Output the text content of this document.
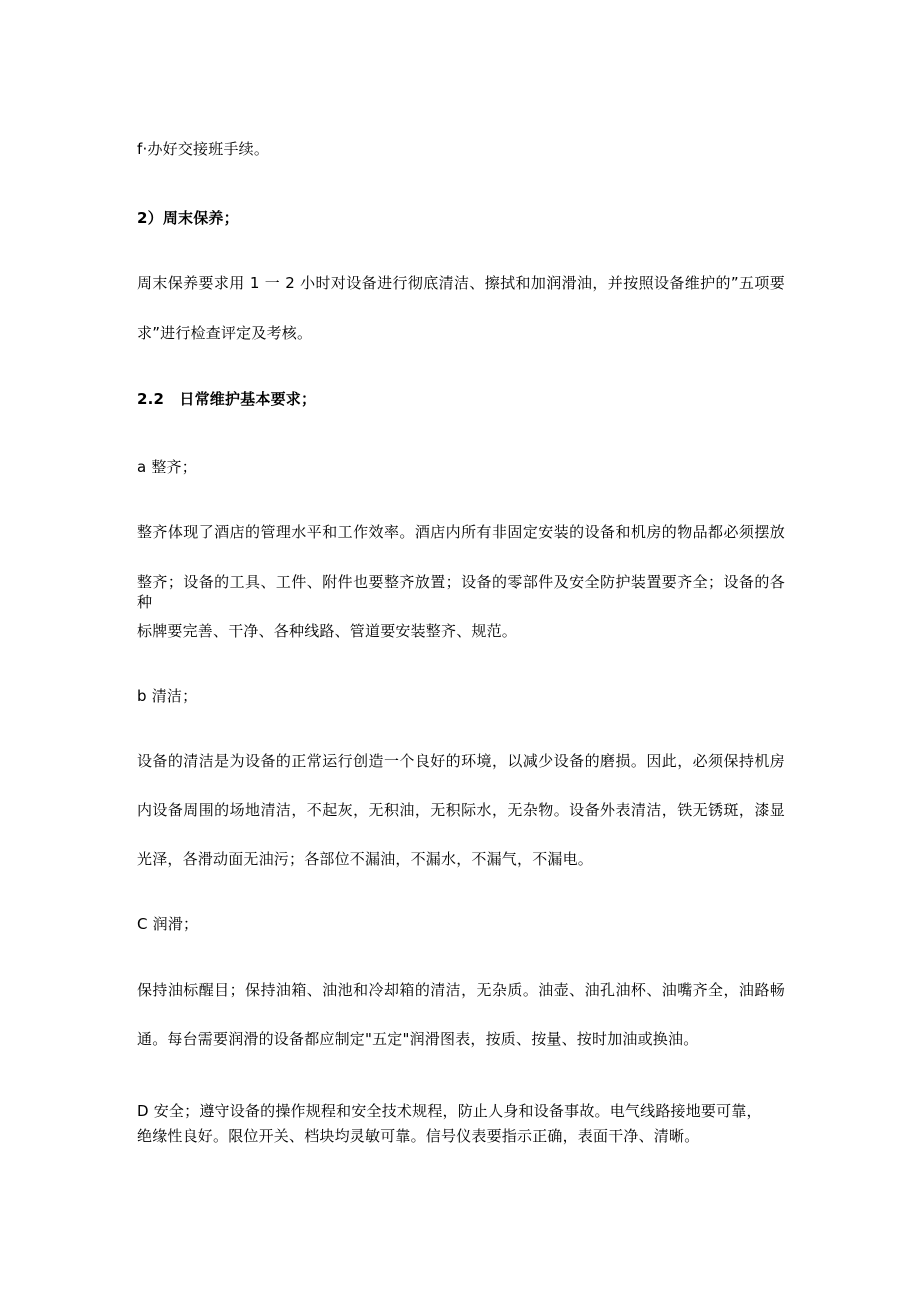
f·办好交接班手续。
2）周末保养；
周末保养要求用 1 一 2 小时对设备进行彻底清洁、擦拭和加润滑油，并按照设备维护的”五项要
求”进行检查评定及考核。
2.2　日常维护基本要求；
a 整齐；
整齐体现了酒店的管理水平和工作效率。酒店内所有非固定安装的设备和机房的物品都必须摆放
整齐；设备的工具、工件、附件也要整齐放置；设备的零部件及安全防护装置要齐全；设备的各种
标牌要完善、干净、各种线路、管道要安装整齐、规范。
b 清洁；
设备的清洁是为设备的正常运行创造一个良好的环境，以减少设备的磨损。因此，必须保持机房
内设备周围的场地清洁，不起灰，无积油，无积际水，无杂物。设备外表清洁，铁无锈斑，漆显
光泽，各滑动面无油污；各部位不漏油，不漏水，不漏气，不漏电。
C 润滑；
保持油标醒目；保持油箱、油池和冷却箱的清洁，无杂质。油壶、油孔油杯、油嘴齐全，油路畅
通。每台需要润滑的设备都应制定"五定"润滑图表，按质、按量、按时加油或换油。
D 安全；遵守设备的操作规程和安全技术规程，防止人身和设备事故。电气线路接地要可靠，
绝缘性良好。限位开关、档块均灵敏可靠。信号仪表要指示正确，表面干净、清晰。
